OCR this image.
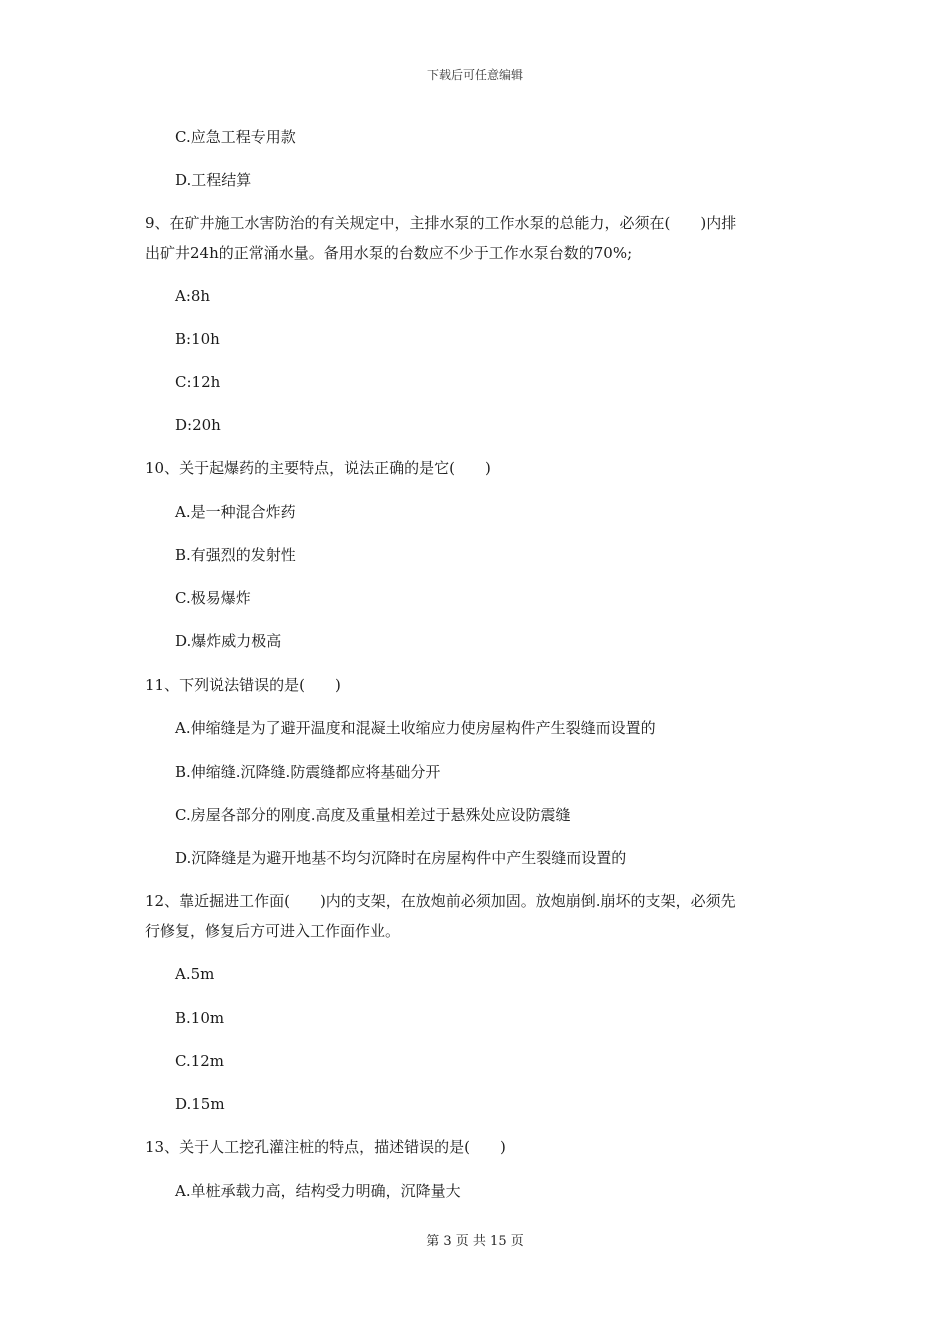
下载后可任意编辑
C.应急工程专用款
D.工程结算
9、在矿井施工水害防治的有关规定中，主排水泵的工作水泵的总能力，必须在(　　)内排
出矿井24h的正常涌水量。备用水泵的台数应不少于工作水泵台数的70%;
A:8h
B:10h
C:12h
D:20h
10、关于起爆药的主要特点，说法正确的是它(　　)
A.是一种混合炸药
B.有强烈的发射性
C.极易爆炸
D.爆炸威力极高
11、下列说法错误的是(　　)
A.伸缩缝是为了避开温度和混凝土收缩应力使房屋构件产生裂缝而设置的
B.伸缩缝.沉降缝.防震缝都应将基础分开
C.房屋各部分的刚度.高度及重量相差过于悬殊处应设防震缝
D.沉降缝是为避开地基不均匀沉降时在房屋构件中产生裂缝而设置的
12、靠近掘进工作面(　　)内的支架，在放炮前必须加固。放炮崩倒.崩坏的支架，必须先
行修复，修复后方可进入工作面作业。
A.5m
B.10m
C.12m
D.15m
13、关于人工挖孔灌注桩的特点，描述错误的是(　　)
A.单桩承载力高，结构受力明确，沉降量大
第 3 页 共 15 页
